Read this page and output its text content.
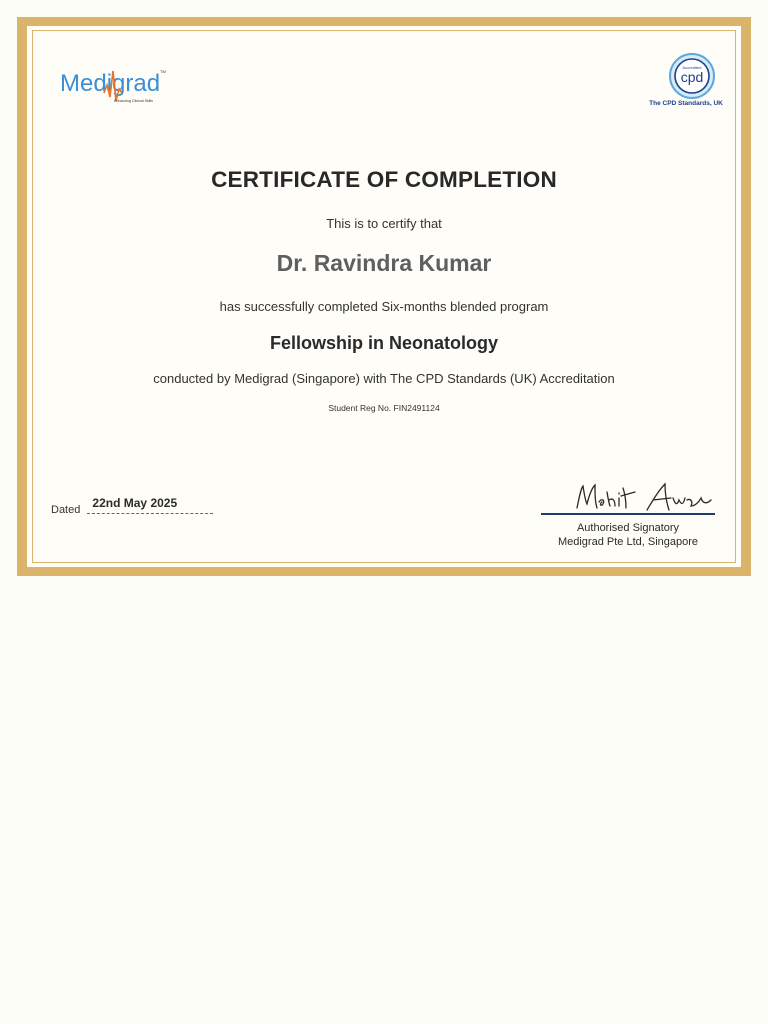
Medigrad
Enhancing Clinical Skills
TM
Accredited
cpd
The CPD Standards, UK
CERTIFICATE OF COMPLETION
This is to certify that
Dr. Ravindra Kumar
has successfully completed Six-months blended program
Fellowship in Neonatology
conducted by Medigrad (Singapore) with The CPD Standards (UK) Accreditation
Student Reg No. FIN2491124
Dated 22nd May 2025
Authorised Signatory
Medigrad Pte Ltd, Singapore
